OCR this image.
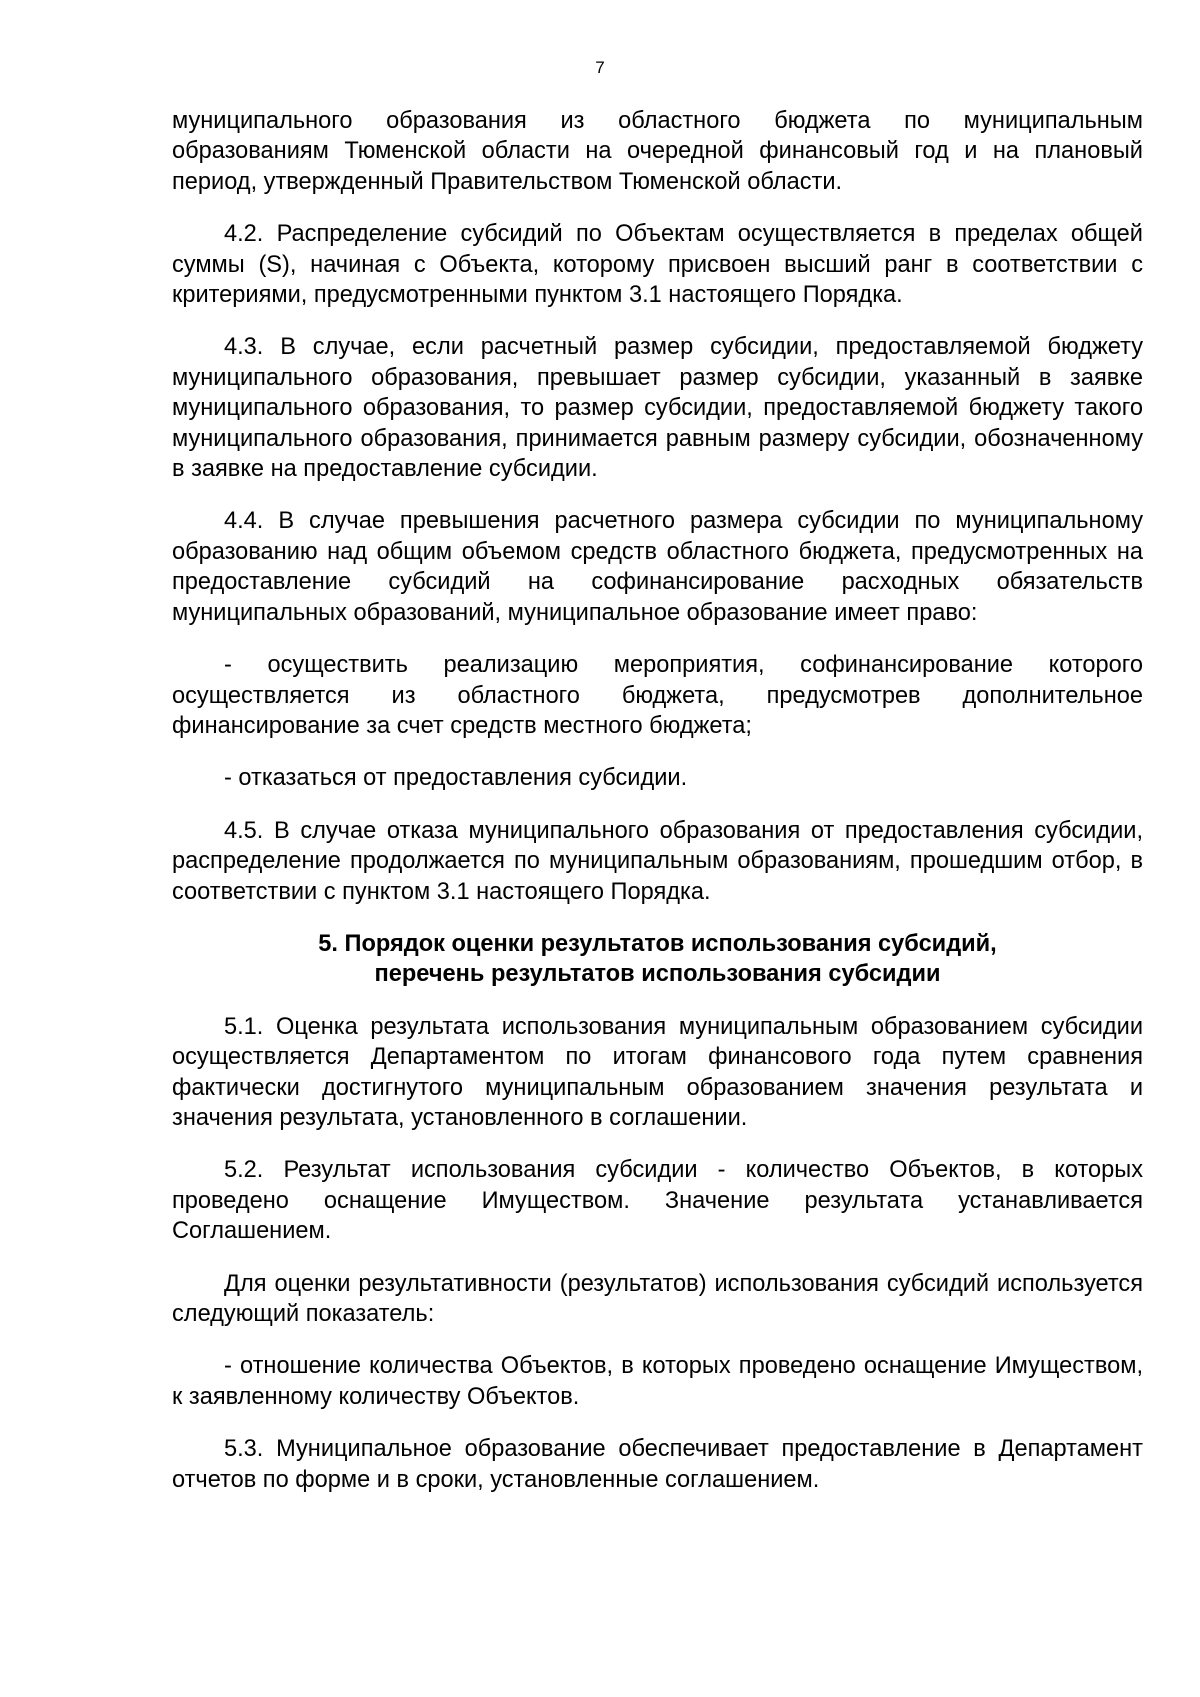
7

муниципального образования из областного бюджета по муниципальным образованиям Тюменской области на очередной финансовый год и на плановый период, утвержденный Правительством Тюменской области.

4.2. Распределение субсидий по Объектам осуществляется в пределах общей суммы (S), начиная с Объекта, которому присвоен высший ранг в соответствии с критериями, предусмотренными пунктом 3.1 настоящего Порядка.

4.3. В случае, если расчетный размер субсидии, предоставляемой бюджету муниципального образования, превышает размер субсидии, указанный в заявке муниципального образования, то размер субсидии, предоставляемой бюджету такого муниципального образования, принимается равным размеру субсидии, обозначенному в заявке на предоставление субсидии.

4.4. В случае превышения расчетного размера субсидии по муниципальному образованию над общим объемом средств областного бюджета, предусмотренных на предоставление субсидий на софинансирование расходных обязательств муниципальных образований, муниципальное образование имеет право:

- осуществить реализацию мероприятия, софинансирование которого осуществляется из областного бюджета, предусмотрев дополнительное финансирование за счет средств местного бюджета;

- отказаться от предоставления субсидии.

4.5. В случае отказа муниципального образования от предоставления субсидии, распределение продолжается по муниципальным образованиям, прошедшим отбор, в соответствии с пунктом 3.1 настоящего Порядка.

5. Порядок оценки результатов использования субсидий,
перечень результатов использования субсидии

5.1. Оценка результата использования муниципальным образованием субсидии осуществляется Департаментом по итогам финансового года путем сравнения фактически достигнутого муниципальным образованием значения результата и значения результата, установленного в соглашении.

5.2. Результат использования субсидии - количество Объектов, в которых проведено оснащение Имуществом. Значение результата устанавливается Соглашением.

Для оценки результативности (результатов) использования субсидий используется следующий показатель:

- отношение количества Объектов, в которых проведено оснащение Имуществом, к заявленному количеству Объектов.

5.3. Муниципальное образование обеспечивает предоставление в Департамент отчетов по форме и в сроки, установленные соглашением.
